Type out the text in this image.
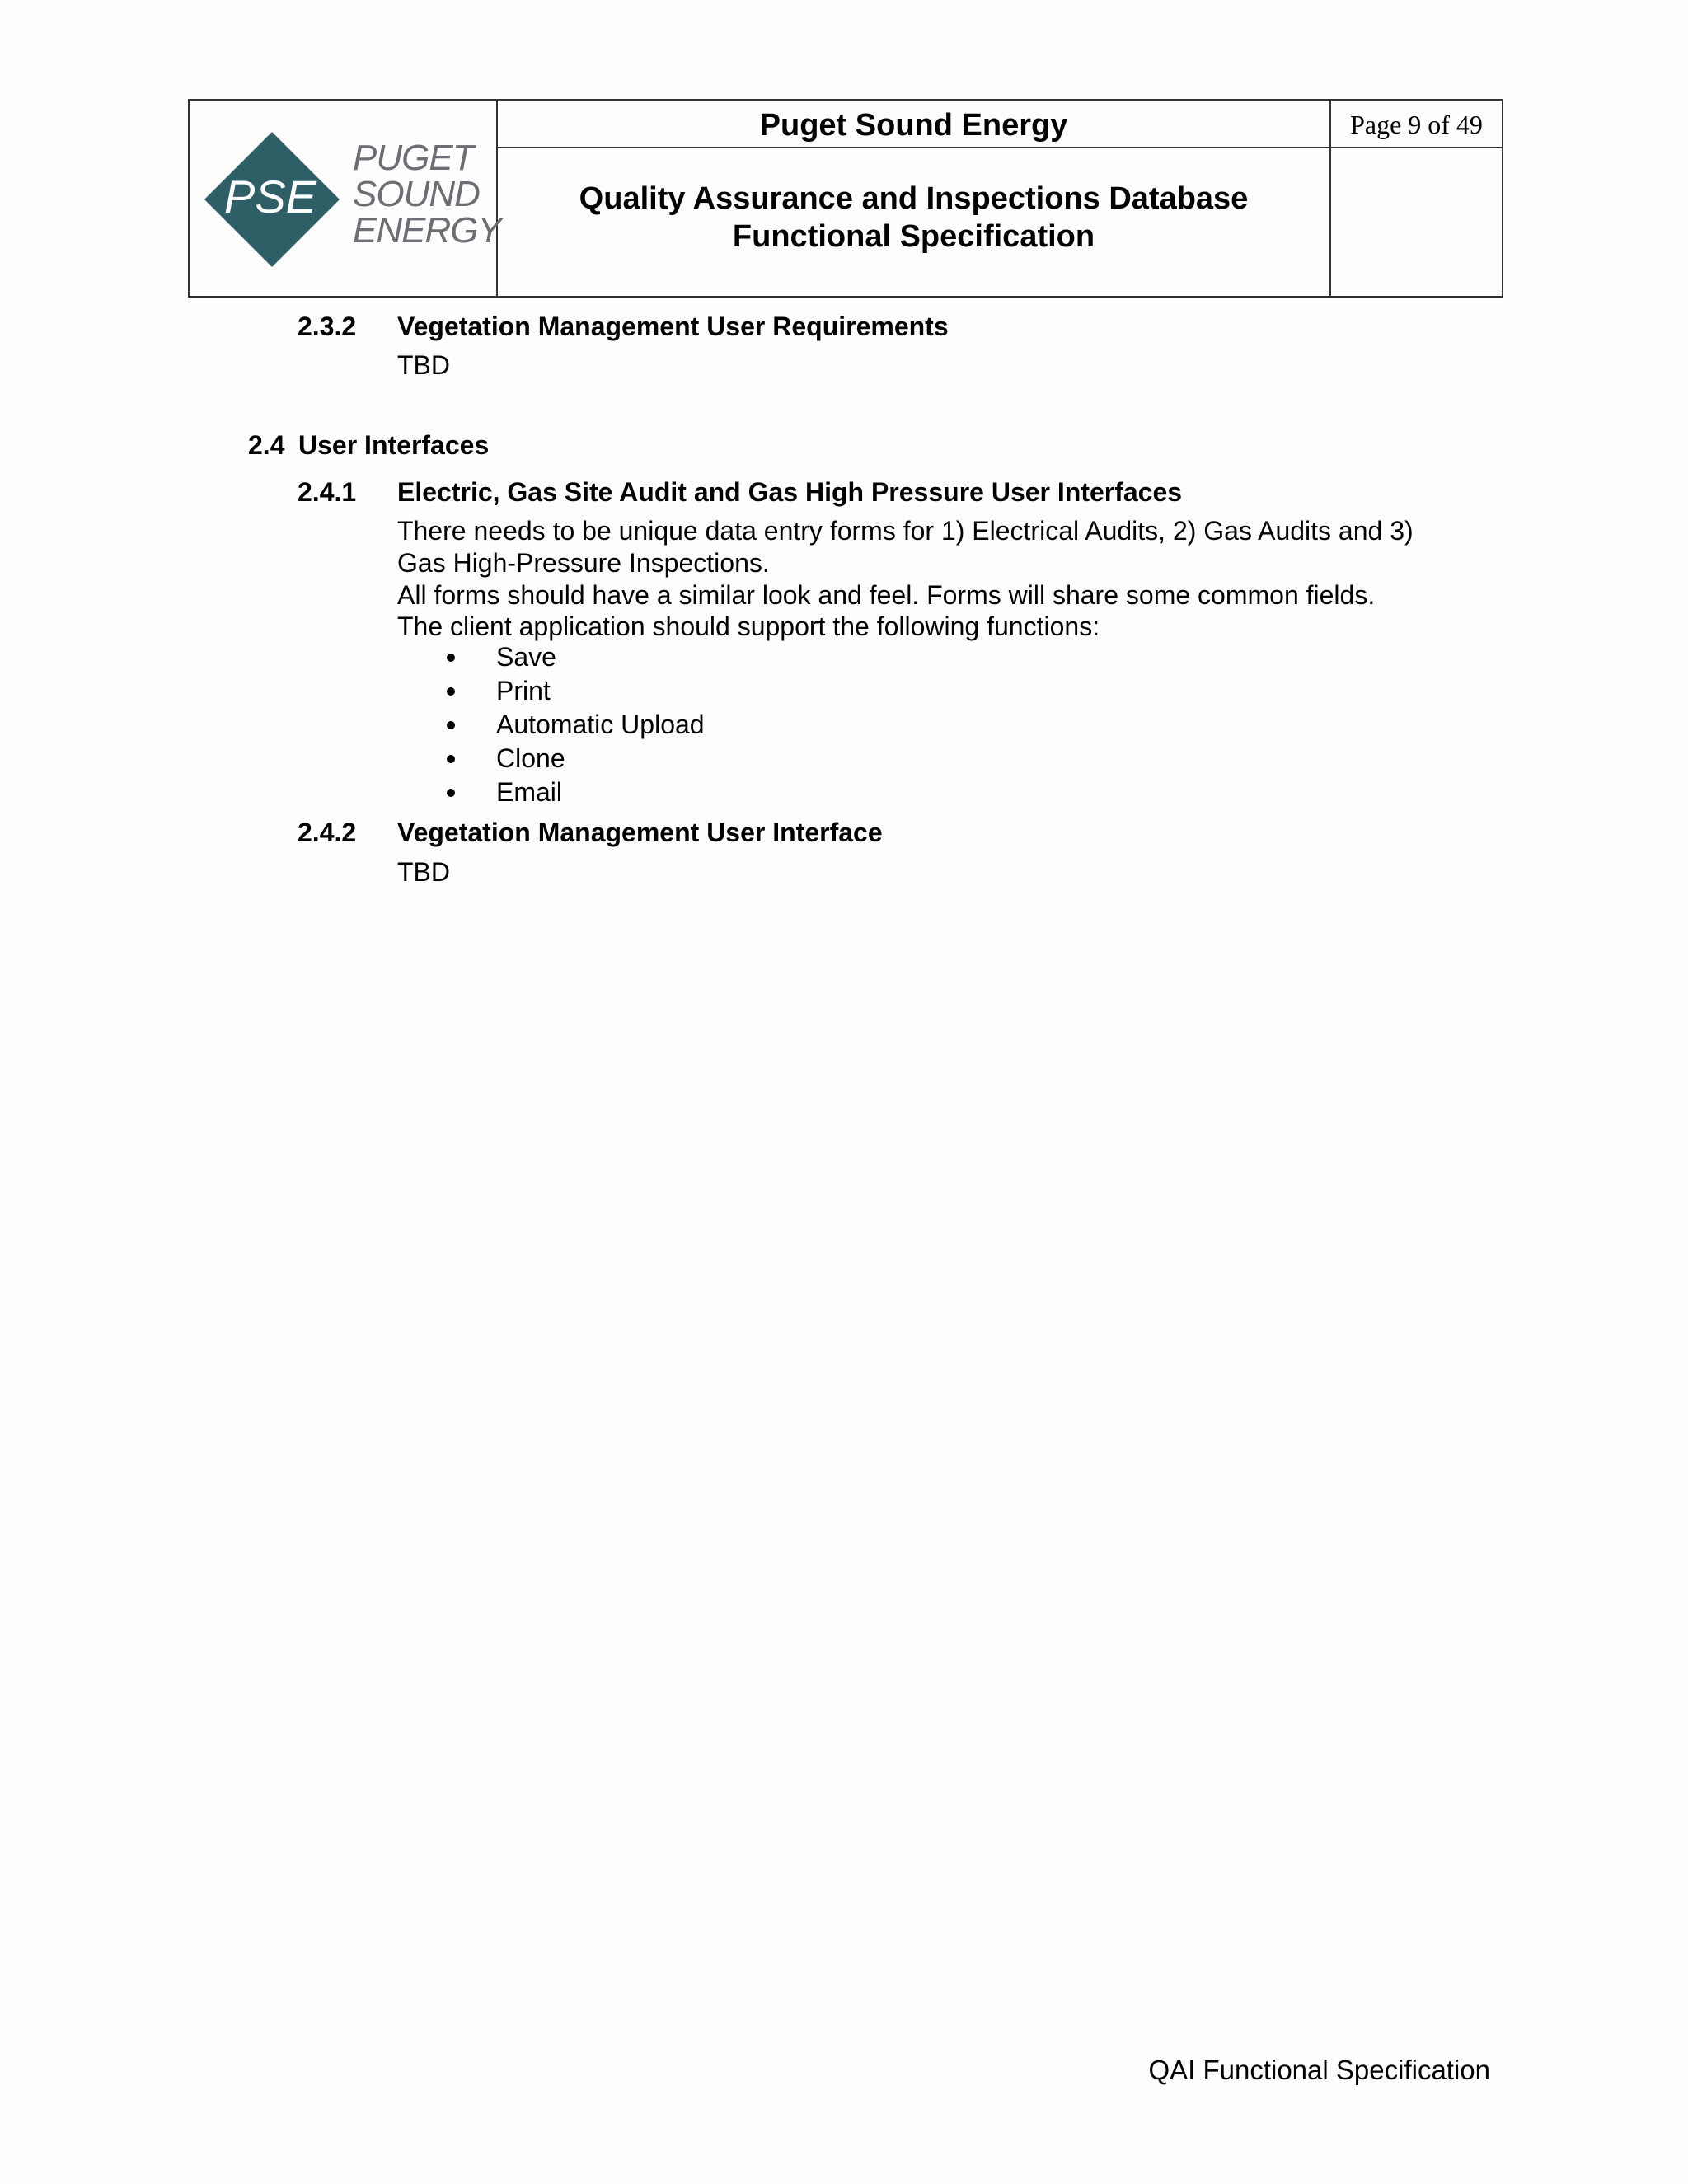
PSE
PUGET
SOUND
ENERGY
Puget Sound Energy
Quality Assurance and Inspections Database
Functional Specification
Page 9 of 49
2.3.2 Vegetation Management User Requirements
TBD
2.4 User Interfaces
2.4.1 Electric, Gas Site Audit and Gas High Pressure User Interfaces
There needs to be unique data entry forms for 1) Electrical Audits, 2) Gas Audits and 3)
Gas High-Pressure Inspections.
All forms should have a similar look and feel. Forms will share some common fields.
The client application should support the following functions:
Save
Print
Automatic Upload
Clone
Email
2.4.2 Vegetation Management User Interface
TBD
QAI Functional Specification
